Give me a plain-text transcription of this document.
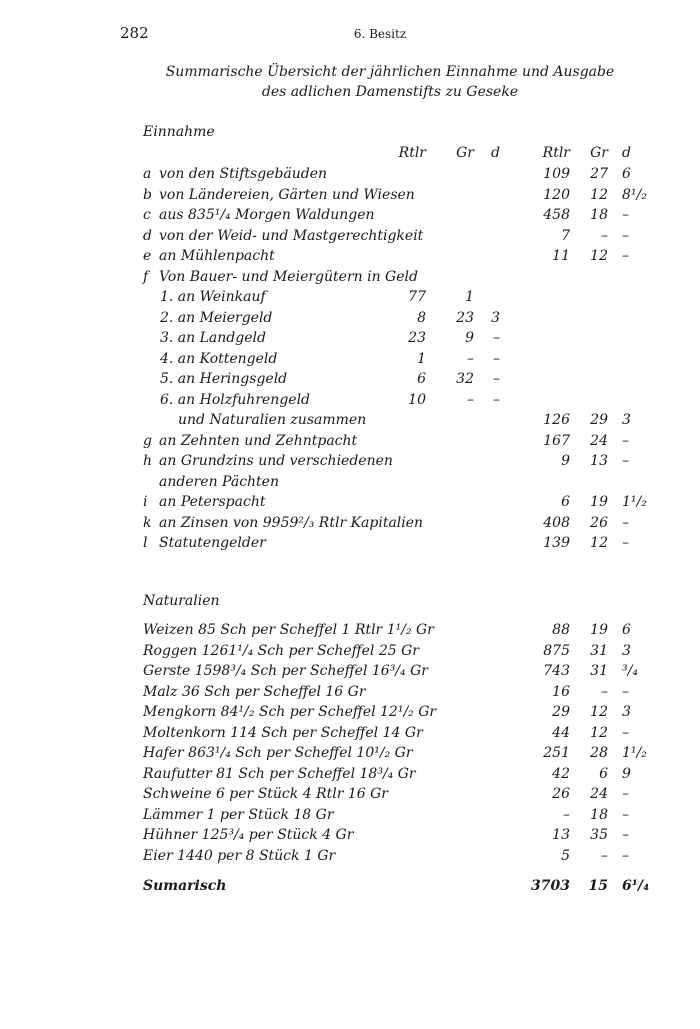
282	6. Besitz
Summarische Übersicht der jährlichen Einnahme und Ausgabe
des adlichen Damenstifts zu Geseke
Einnahme
Rtlr	Gr	d	Rtlr	Gr d
a von den Stiftsgebäuden	109	27 6
b von Ländereien, Gärten und Wiesen	120	12 8¹/₂
c aus 835¹/₄ Morgen Waldungen	458	18 –
d von der Weid- und Mastgerechtigkeit	7	– –
e an Mühlenpacht	11	12 –
f Von Bauer- und Meiergütern in Geld
1. an Weinkauf	77	1
2. an Meiergeld	8	23	3
3. an Landgeld	23	9	–
4. an Kottengeld	1	–	–
5. an Heringsgeld	6	32	–
6. an Holzfuhrengeld	10	–	–
und Naturalien zusammen	126	29 3
g an Zehnten und Zehntpacht	167	24 –
h an Grundzins und verschiedenen	9	13 –
anderen Pächten
i an Peterspacht	6	19 1¹/₂
k an Zinsen von 9959²/₃ Rtlr Kapitalien	408	26 –
l Statutengelder	139	12 –
Naturalien
Weizen 85 Sch per Scheffel 1 Rtlr 1¹/₂ Gr	88	19 6
Roggen 1261¹/₄ Sch per Scheffel 25 Gr	875	31 3
Gerste 1598³/₄ Sch per Scheffel 16³/₄ Gr	743	31 ³/₄
Malz 36 Sch per Scheffel 16 Gr	16	– –
Mengkorn 84¹/₂ Sch per Scheffel 12¹/₂ Gr	29	12 3
Moltenkorn 114 Sch per Scheffel 14 Gr	44	12 –
Hafer 863¹/₄ Sch per Scheffel 10¹/₂ Gr	251	28 1¹/₂
Raufutter 81 Sch per Scheffel 18³/₄ Gr	42	6 9
Schweine 6 per Stück 4 Rtlr 16 Gr	26	24 –
Lämmer 1 per Stück 18 Gr	–	18 –
Hühner 125³/₄ per Stück 4 Gr	13	35 –
Eier 1440 per 8 Stück 1 Gr	5	– –
Sumarisch	3703	15 6¹/₄
